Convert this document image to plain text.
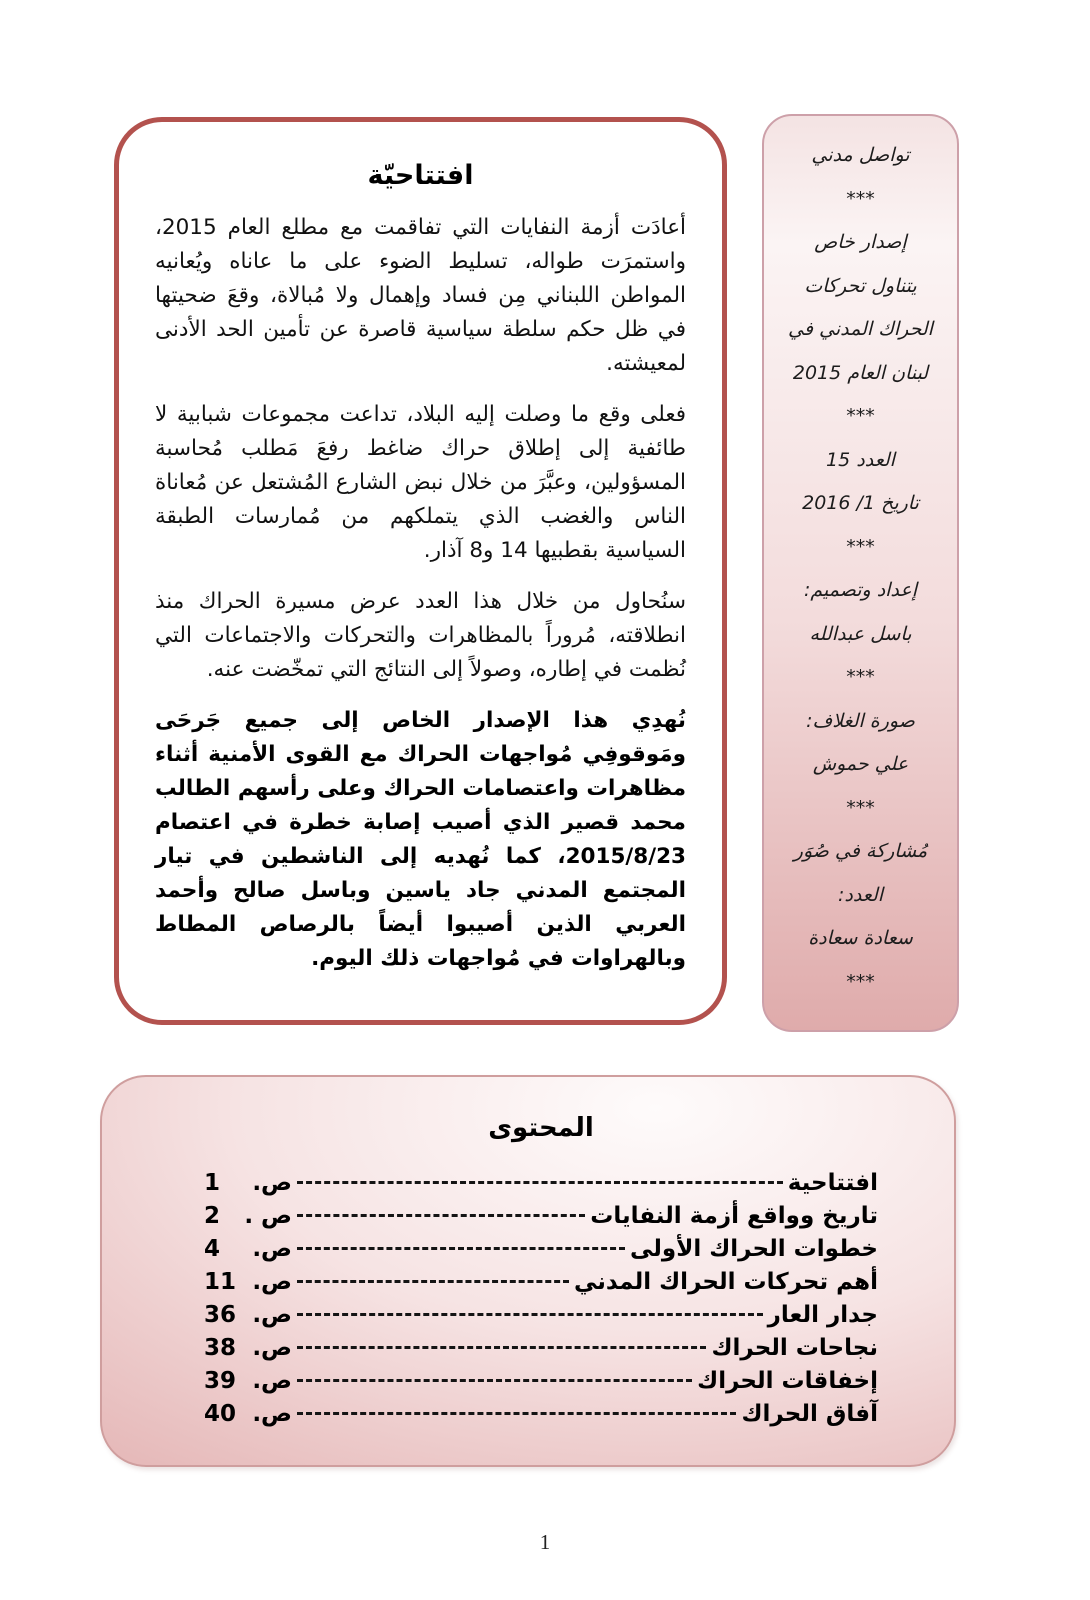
افتتاحيّة

أعادَت أزمة النفايات التي تفاقمت مع مطلع العام 2015، واستمرَت طواله، تسليط الضوء على ما عاناه ويُعانيه المواطن اللبناني مِن فساد وإهمال ولا مُبالاة، وقعَ ضحيتها في ظل حكم سلطة سياسية قاصرة عن تأمين الحد الأدنى لمعيشته.

فعلى وقع ما وصلت إليه البلاد، تداعت مجموعات شبابية لا طائفية إلى إطلاق حراك ضاغط رفعَ مَطلب مُحاسبة المسؤولين، وعبَّرَ من خلال نبض الشارع المُشتعل عن مُعاناة الناس والغضب الذي يتملكهم من مُمارسات الطبقة السياسية بقطبيها 14 و8 آذار.

سنُحاول من خلال هذا العدد عرض مسيرة الحراك منذ انطلاقته، مُروراً بالمظاهرات والتحركات والاجتماعات التي نُظمت في إطاره، وصولاً إلى النتائج التي تمخّضت عنه.

نُهدِي هذا الإصدار الخاص إلى جميع جَرحَى ومَوقوفِي مُواجهات الحراك مع القوى الأمنية أثناء مظاهرات واعتصامات الحراك وعلى رأسهم الطالب محمد قصير الذي أصيب إصابة خطرة في اعتصام 2015/8/23، كما نُهديه إلى الناشطين في تيار المجتمع المدني جاد ياسين وباسل صالح وأحمد العربي الذين أصيبوا أيضاً بالرصاص المطاط وبالهراوات في مُواجهات ذلك اليوم.

تواصل مدني
***
إصدار خاص
يتناول تحركات
الحراك المدني في
لبنان العام 2015
***
العدد 15
تاريخ 1/ 2016
***
إعداد وتصميم:
باسل عبدالله
***
صورة الغلاف:
علي حموش
***
مُشاركة في صُوَر
العدد:
سعادة سعادة
***
المحتوى
افتتاحية
ص.
1
تاريخ وواقع أزمة النفايات
ص .
2
خطوات الحراك الأولى
ص.
4
أهم تحركات الحراك المدني
ص.
11
جدار العار
ص.
36
نجاحات الحراك
ص.
38
إخفاقات الحراك
ص.
39
آفاق الحراك
ص.
40
1
